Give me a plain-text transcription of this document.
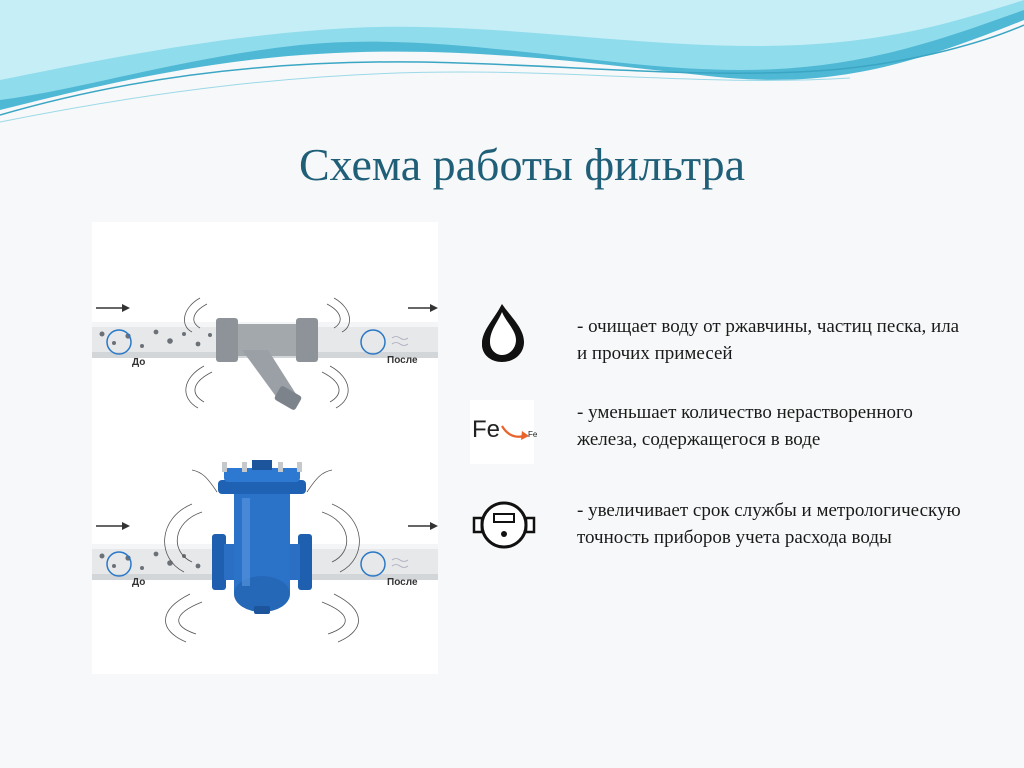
Схема работы фильтра
До	После
До	После
- очищает воду от ржавчины, частиц песка, ила и прочих примесей
Fe	Fe
- уменьшает количество нерастворенного железа, содержащегося в воде
- увеличивает срок службы и метрологическую точность приборов учета расхода воды
